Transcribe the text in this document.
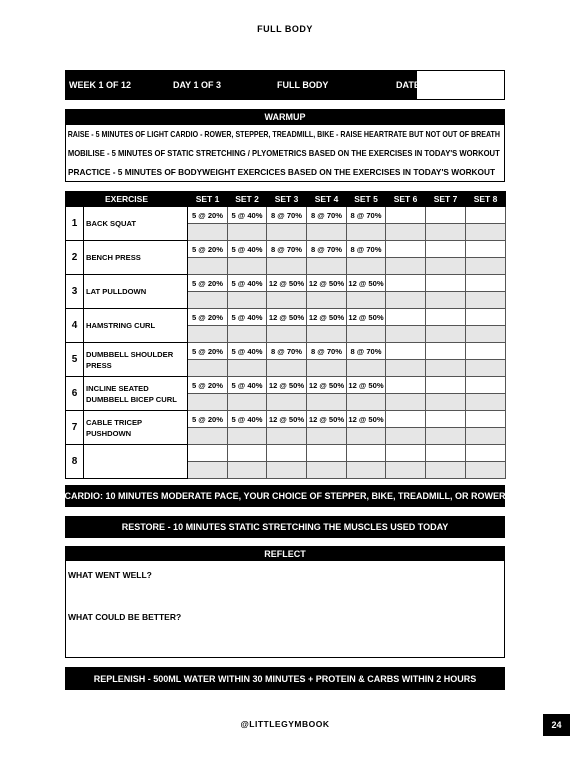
FULL BODY
WEEK 1 OF 12	DAY 1 OF 3	FULL BODY	DATE
WARMUP
RAISE - 5 MINUTES OF LIGHT CARDIO - ROWER, STEPPER, TREADMILL, BIKE - RAISE HEARTRATE BUT NOT OUT OF BREATH
MOBILISE - 5 MINUTES OF STATIC STRETCHING / PLYOMETRICS BASED ON THE EXERCISES IN TODAY'S WORKOUT
PRACTICE - 5 MINUTES OF BODYWEIGHT EXERCICES BASED ON THE EXERCISES IN TODAY'S WORKOUT
EXERCISE		SET 1	SET 2	SET 3	SET 4	SET 5	SET 6	SET 7	SET 8
1	BACK SQUAT	5 @ 20%	5 @ 40%	8 @ 70%	8 @ 70%	8 @ 70%			

2	BENCH PRESS	5 @ 20%	5 @ 40%	8 @ 70%	8 @ 70%	8 @ 70%			

3	LAT PULLDOWN	5 @ 20%	5 @ 40%	12 @ 50%	12 @ 50%	12 @ 50%			

4	HAMSTRING CURL	5 @ 20%	5 @ 40%	12 @ 50%	12 @ 50%	12 @ 50%			

5	DUMBBELL SHOULDER PRESS	5 @ 20%	5 @ 40%	8 @ 70%	8 @ 70%	8 @ 70%			

6	INCLINE SEATED DUMBBELL BICEP CURL	5 @ 20%	5 @ 40%	12 @ 50%	12 @ 50%	12 @ 50%			

7	CABLE TRICEP PUSHDOWN	5 @ 20%	5 @ 40%	12 @ 50%	12 @ 50%	12 @ 50%			

8									

CARDIO: 10 MINUTES MODERATE PACE, YOUR CHOICE OF STEPPER, BIKE, TREADMILL, OR ROWER
RESTORE - 10 MINUTES STATIC STRETCHING THE MUSCLES USED TODAY
REFLECT
WHAT WENT WELL?
WHAT COULD BE BETTER?
REPLENISH - 500ML WATER WITHIN 30 MINUTES + PROTEIN & CARBS WITHIN 2 HOURS
@LITTLEGYMBOOK	24
